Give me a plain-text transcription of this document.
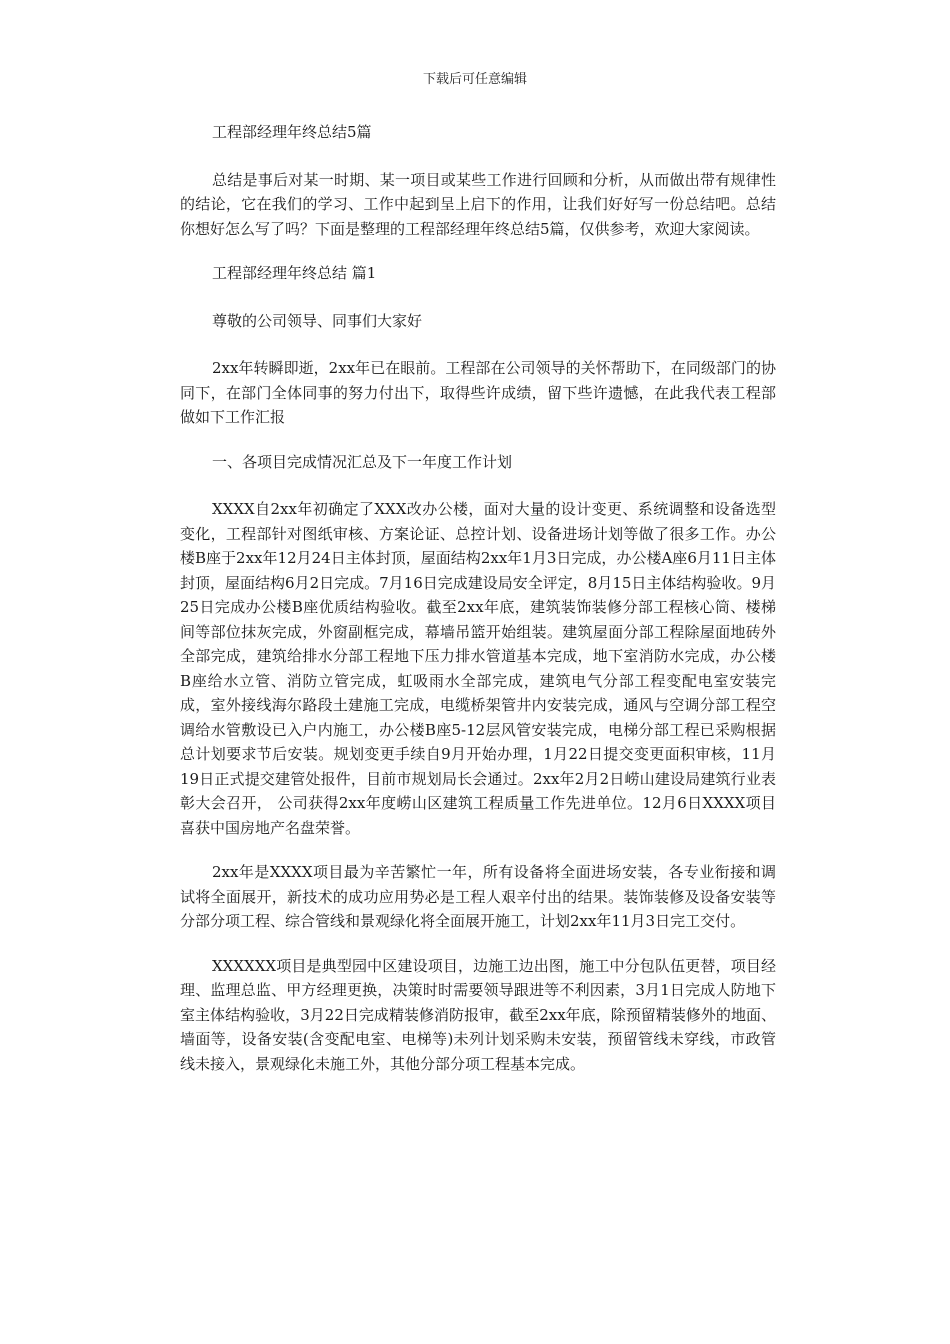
下载后可任意编辑

工程部经理年终总结5篇

总结是事后对某一时期、某一项目或某些工作进行回顾和分析，从而做出带有规律性的结论，它在我们的学习、工作中起到呈上启下的作用，让我们好好写一份总结吧。总结你想好怎么写了吗？下面是整理的工程部经理年终总结5篇，仅供参考，欢迎大家阅读。

工程部经理年终总结 篇1

尊敬的公司领导、同事们大家好

2xx年转瞬即逝，2xx年已在眼前。工程部在公司领导的关怀帮助下，在同级部门的协同下，在部门全体同事的努力付出下，取得些许成绩，留下些许遗憾，在此我代表工程部做如下工作汇报

一、各项目完成情况汇总及下一年度工作计划

XXXX自2xx年初确定了XXX改办公楼，面对大量的设计变更、系统调整和设备选型变化，工程部针对图纸审核、方案论证、总控计划、设备进场计划等做了很多工作。办公楼B座于2xx年12月24日主体封顶，屋面结构2xx年1月3日完成，办公楼A座6月11日主体封顶，屋面结构6月2日完成。7月16日完成建设局安全评定，8月15日主体结构验收。9月25日完成办公楼B座优质结构验收。截至2xx年底，建筑装饰装修分部工程核心筒、楼梯间等部位抹灰完成，外窗副框完成，幕墙吊篮开始组装。建筑屋面分部工程除屋面地砖外全部完成，建筑给排水分部工程地下压力排水管道基本完成，地下室消防水完成，办公楼B座给水立管、消防立管完成，虹吸雨水全部完成，建筑电气分部工程变配电室安装完成，室外接线海尔路段土建施工完成，电缆桥架管井内安装完成，通风与空调分部工程空调给水管敷设已入户内施工，办公楼B座5-12层风管安装完成，电梯分部工程已采购根据总计划要求节后安装。规划变更手续自9月开始办理，1月22日提交变更面积审核，11月19日正式提交建管处报件，目前市规划局长会通过。2xx年2月2日崂山建设局建筑行业表彰大会召开， 公司获得2xx年度崂山区建筑工程质量工作先进单位。12月6日XXXX项目喜获中国房地产名盘荣誉。

2xx年是XXXX项目最为辛苦繁忙一年，所有设备将全面进场安装，各专业衔接和调试将全面展开，新技术的成功应用势必是工程人艰辛付出的结果。装饰装修及设备安装等分部分项工程、综合管线和景观绿化将全面展开施工，计划2xx年11月3日完工交付。

XXXXXX项目是典型园中区建设项目，边施工边出图，施工中分包队伍更替，项目经理、监理总监、甲方经理更换，决策时时需要领导跟进等不利因素，3月1日完成人防地下室主体结构验收，3月22日完成精装修消防报审，截至2xx年底，除预留精装修外的地面、墙面等，设备安装(含变配电室、电梯等)未列计划采购未安装，预留管线未穿线，市政管线未接入，景观绿化未施工外，其他分部分项工程基本完成。
